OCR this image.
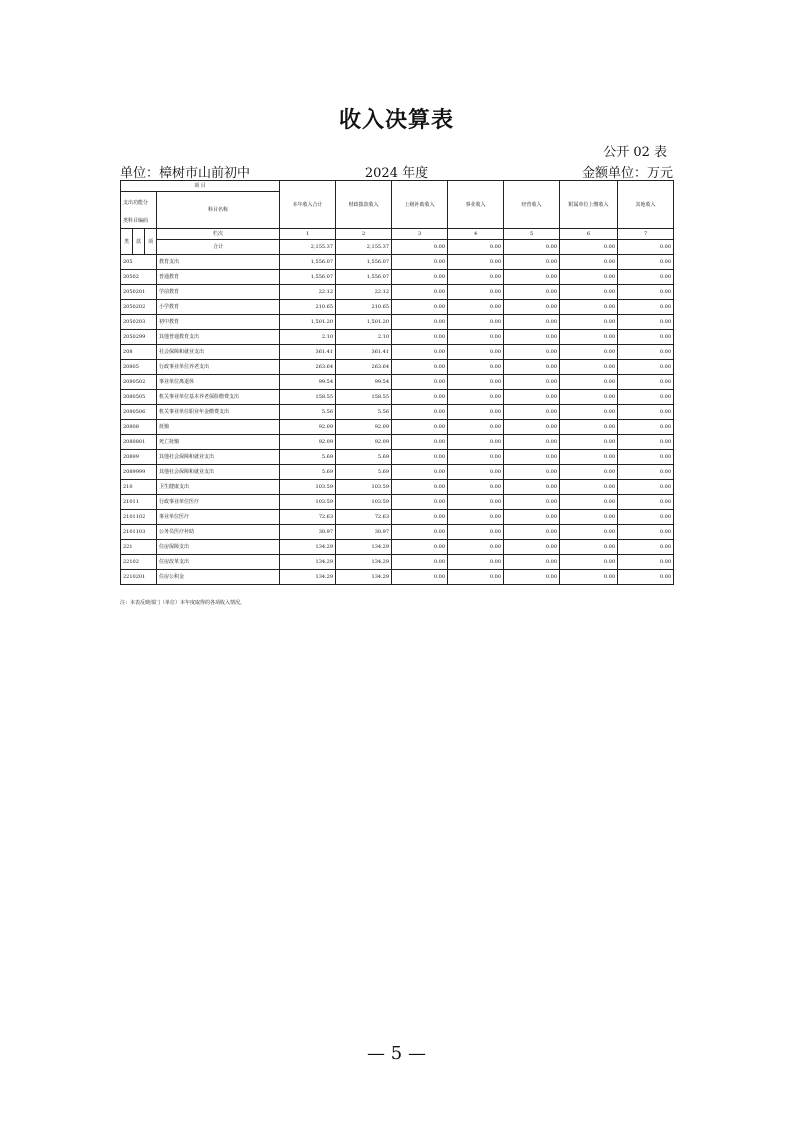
收入决算表
公开 02 表
单位：樟树市山前初中	2024 年度	金额单位：万元
项 目				本年收入合计	财政拨款收入	上级补助收入	事业收入	经营收入	附属单位上缴收入	其他收入
支出功能分			科目名称							
类科目编码										
类	款	项	栏次	1	2	3	4	5	6	7
			合计	2,155.37	2,155.37	0.00	0.00	0.00	0.00	0.00
205			教育支出	1,556.07	1,556.07	0.00	0.00	0.00	0.00	0.00
20502			普通教育	1,556.07	1,556.07	0.00	0.00	0.00	0.00	0.00
2050201			学前教育	22.12	22.12	0.00	0.00	0.00	0.00	0.00
2050202			小学教育	210.65	210.65	0.00	0.00	0.00	0.00	0.00
2050203			初中教育	1,501.20	1,501.20	0.00	0.00	0.00	0.00	0.00
2050299			其他普通教育支出	2.10	2.10	0.00	0.00	0.00	0.00	0.00
208			社会保障和就业支出	361.41	361.41	0.00	0.00	0.00	0.00	0.00
20805			行政事业单位养老支出	263.64	263.64	0.00	0.00	0.00	0.00	0.00
2080502			事业单位离退休	99.54	99.54	0.00	0.00	0.00	0.00	0.00
2080505			机关事业单位基本养老保险缴费支出	158.55	158.55	0.00	0.00	0.00	0.00	0.00
2080506			机关事业单位职业年金缴费支出	5.56	5.56	0.00	0.00	0.00	0.00	0.00
20808			抚恤	92.09	92.09	0.00	0.00	0.00	0.00	0.00
2080801			死亡抚恤	92.09	92.09	0.00	0.00	0.00	0.00	0.00
20899			其他社会保障和就业支出	5.69	5.69	0.00	0.00	0.00	0.00	0.00
2089999			其他社会保障和就业支出	5.69	5.69	0.00	0.00	0.00	0.00	0.00
210			卫生健康支出	103.59	103.59	0.00	0.00	0.00	0.00	0.00
21011			行政事业单位医疗	103.59	103.59	0.00	0.00	0.00	0.00	0.00
2101102			事业单位医疗	72.63	72.63	0.00	0.00	0.00	0.00	0.00
2101103			公务员医疗补助	30.97	30.97	0.00	0.00	0.00	0.00	0.00
221			住房保障支出	134.29	134.29	0.00	0.00	0.00	0.00	0.00
22102			住房改革支出	134.29	134.29	0.00	0.00	0.00	0.00	0.00
2210201			住房公积金	134.29	134.29	0.00	0.00	0.00	0.00	0.00
注：本表反映部门（单位）本年度取得的各项收入情况。
— 5 —
